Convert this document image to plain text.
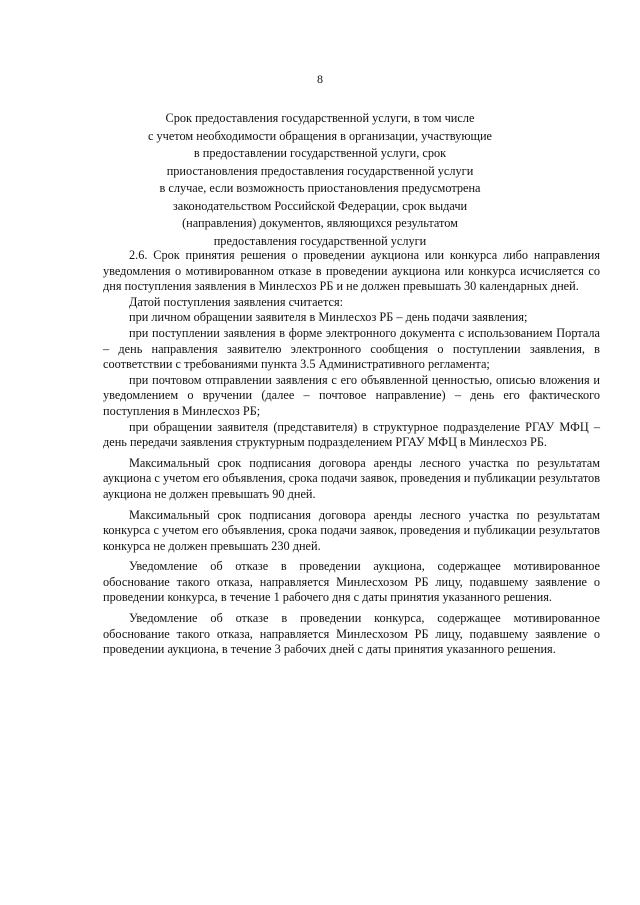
8
Срок предоставления государственной услуги, в том числе
с учетом необходимости обращения в организации, участвующие
в предоставлении государственной услуги, срок
приостановления предоставления государственной услуги
в случае, если возможность приостановления предусмотрена
законодательством Российской Федерации, срок выдачи
(направления) документов, являющихся результатом
предоставления государственной услуги

2.6. Срок принятия решения о проведении аукциона или конкурса либо направления уведомления о мотивированном отказе в проведении аукциона или конкурса исчисляется со дня поступления заявления в Минлесхоз РБ и не должен превышать 30 календарных дней.

Датой поступления заявления считается:

при личном обращении заявителя в Минлесхоз РБ – день подачи заявления;

при поступлении заявления в форме электронного документа с использованием Портала – день направления заявителю электронного сообщения о поступлении заявления, в соответствии с требованиями пункта 3.5 Административного регламента;

при почтовом отправлении заявления с его объявленной ценностью, описью вложения и уведомлением о вручении (далее – почтовое направление) – день его фактического поступления в Минлесхоз РБ;

при обращении заявителя (представителя) в структурное подразделение РГАУ МФЦ – день передачи заявления структурным подразделением РГАУ МФЦ в Минлесхоз РБ.

Максимальный срок подписания договора аренды лесного участка по результатам аукциона с учетом его объявления, срока подачи заявок, проведения и публикации результатов аукциона не должен превышать 90 дней.

Максимальный срок подписания договора аренды лесного участка по результатам конкурса с учетом его объявления, срока подачи заявок, проведения и публикации результатов конкурса не должен превышать 230 дней.

Уведомление об отказе в проведении аукциона, содержащее мотивированное обоснование такого отказа, направляется Минлесхозом РБ лицу, подавшему заявление о проведении конкурса, в течение 1 рабочего дня с даты принятия указанного решения.

Уведомление об отказе в проведении конкурса, содержащее мотивированное обоснование такого отказа, направляется Минлесхозом РБ лицу, подавшему заявление о проведении аукциона, в течение 3 рабочих дней с даты принятия указанного решения.
